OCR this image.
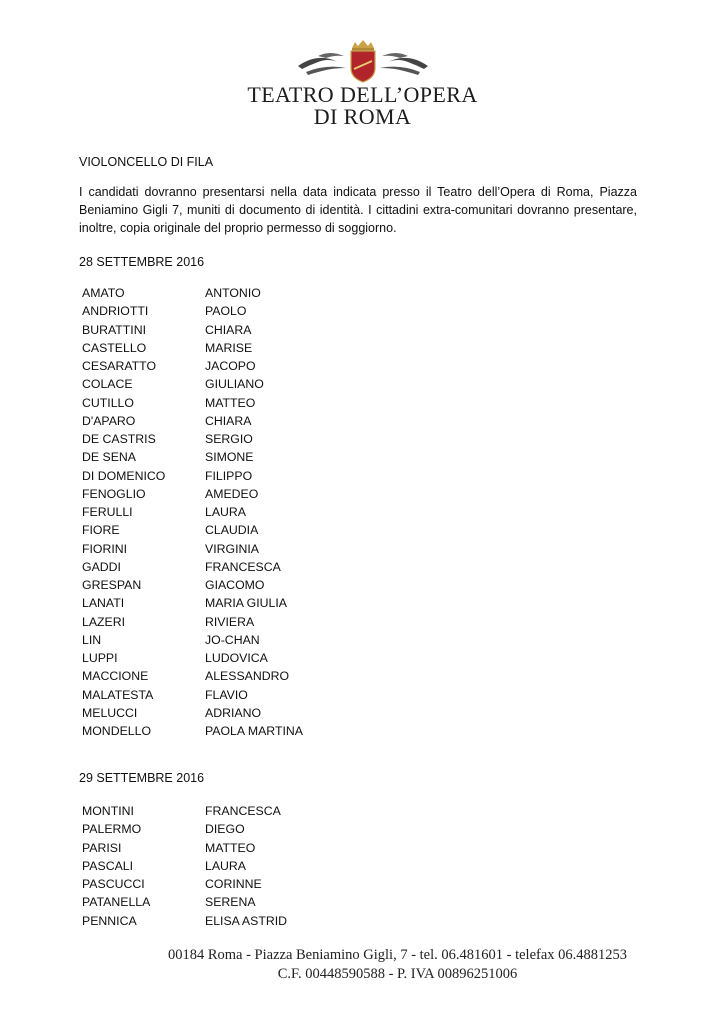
TEATRO DELL’OPERA
DI ROMA
VIOLONCELLO DI FILA
I candidati dovranno presentarsi nella data indicata presso il Teatro dell’Opera di Roma, Piazza Beniamino Gigli 7, muniti di documento di identità. I cittadini extra-comunitari dovranno presentare, inoltre, copia originale del proprio permesso di soggiorno.
28 SETTEMBRE 2016
AMATO	ANTONIO
ANDRIOTTI	PAOLO
BURATTINI	CHIARA
CASTELLO	MARISE
CESARATTO	JACOPO
COLACE	GIULIANO
CUTILLO	MATTEO
D'APARO	CHIARA
DE CASTRIS	SERGIO
DE SENA	SIMONE
DI DOMENICO	FILIPPO
FENOGLIO	AMEDEO
FERULLI	LAURA
FIORE	CLAUDIA
FIORINI	VIRGINIA
GADDI	FRANCESCA
GRESPAN	GIACOMO
LANATI	MARIA GIULIA
LAZERI	RIVIERA
LIN	JO-CHAN
LUPPI	LUDOVICA
MACCIONE	ALESSANDRO
MALATESTA	FLAVIO
MELUCCI	ADRIANO
MONDELLO	PAOLA MARTINA
29 SETTEMBRE 2016
MONTINI	FRANCESCA
PALERMO	DIEGO
PARISI	MATTEO
PASCALI	LAURA
PASCUCCI	CORINNE
PATANELLA	SERENA
PENNICA	ELISA ASTRID
00184 Roma - Piazza Beniamino Gigli, 7 - tel. 06.481601 - telefax 06.4881253
C.F. 00448590588 - P. IVA 00896251006
